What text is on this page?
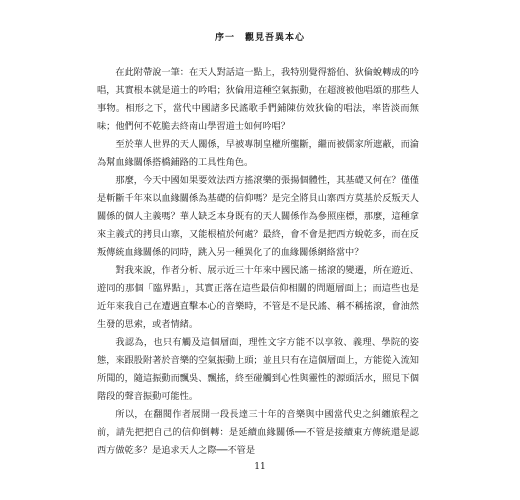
序一　觀見吾異本心

在此附帶說一筆：在天人對話這一點上，我特別覺得豁伯、狄倫蛻轉成的吟唱，其實根本就是道士的吟唱；狄倫用這種空氣振動，在超渡被他唱頌的那些人事物。相形之下，當代中國諸多民謠歌手們鋪陳仿效狄倫的唱法，率皆淡而無味；他們何不乾脆去終南山學習道士如何吟唱？

至於華人世界的天人關係，早被專制皇權所壟斷，繼而被儒家所遮蔽，而淪為幫血緣關係搭橋鋪路的工具性角色。

那麼，今天中國如果要效法西方搖滾樂的張揚個體性，其基礎又何在？僅僅是斬斷千年來以血緣關係為基礎的信仰嗎？是完全將貝山寨西方莫基於反叛天人關係的個人主義嗎？華人缺乏本身既有的天人關係作為參照座標，那麼，這種拿來主義式的拷貝山寨，又能根植於何處？最終，會不會是把西方蛻乾多，而在反叛傳統血緣關係的同時，跳入另一種異化了的血緣關係網絡當中？

對我來說，作者分析、展示近三十年來中國民謠－搖滾的變遷，所在遊近、遊同的那個「臨界點」，其實正落在這些最信仰相關的問題層面上；而這些也是近年來我自己在遭遇直擊本心的音樂時，不管是不是民謠、稱不稱搖滾，會油然生發的思索，或者情緒。

我認為，也只有觸及這個層面，理性文字方能不以享敘、義理、學院的姿態，來跟股附著於音樂的空氣振動上頭；並且只有在這個層面上，方能從入流知所聞的，隨這振動而飄吳、飄搖，終至碰觸到心性與靈性的源頭活水，照見下個階段的聲音振動可能性。

所以，在翻閱作者展開一段長達三十年的音樂與中國當代史之糾纏旅程之前，請先把把自己的信仰倒轉：是延續血緣關係──不管是接續東方傳統還是認西方做乾多？是追求天人之際──不管是

11
